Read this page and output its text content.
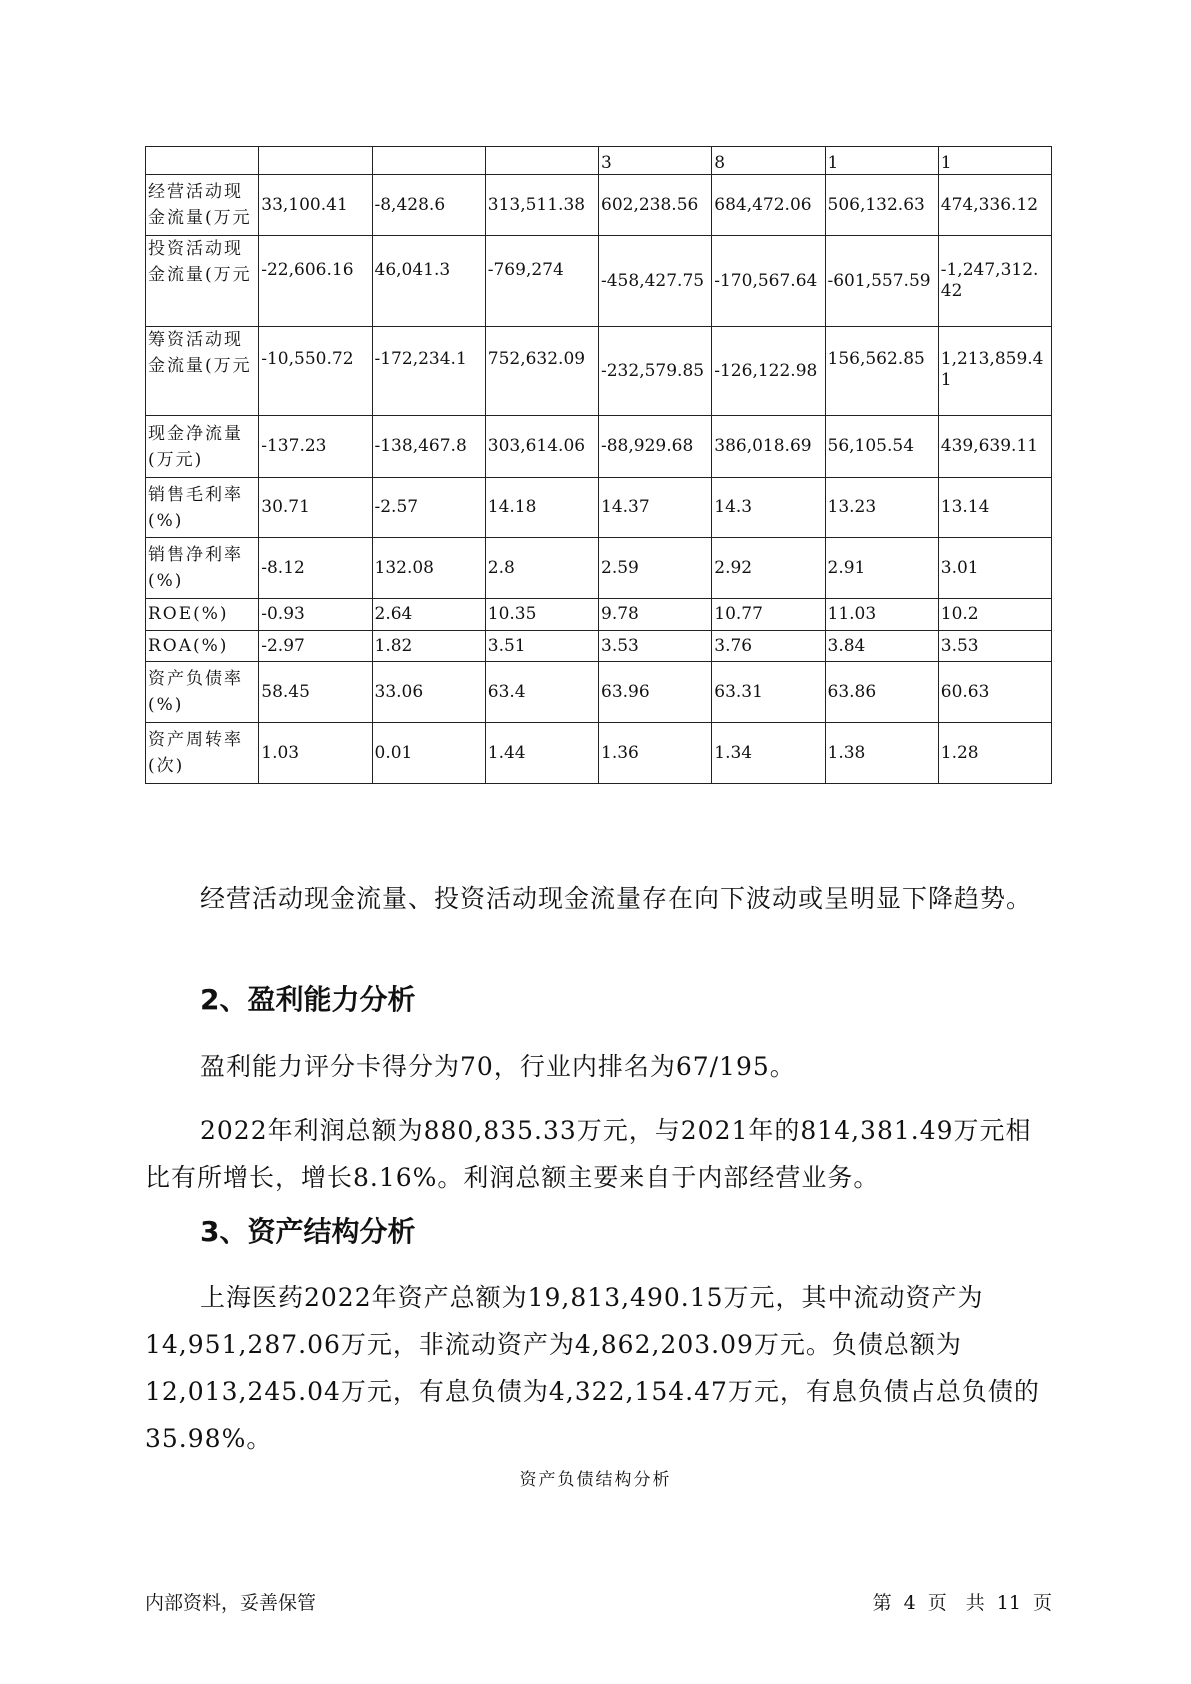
				3	8	1	1
经营活动现金流量(万元	33,100.41	-8,428.6	313,511.38	602,238.56	684,472.06	506,132.63	474,336.12
投资活动现金流量(万元	-22,606.16	46,041.3	-769,274	-458,427.75	-170,567.64	-601,557.59	-1,247,312.42
筹资活动现金流量(万元	-10,550.72	-172,234.1	752,632.09	-232,579.85	-126,122.98	156,562.85	1,213,859.41
现金净流量(万元)	-137.23	-138,467.8	303,614.06	-88,929.68	386,018.69	56,105.54	439,639.11
销售毛利率(%)	30.71	-2.57	14.18	14.37	14.3	13.23	13.14
销售净利率(%)	-8.12	132.08	2.8	2.59	2.92	2.91	3.01
ROE(%)	-0.93	2.64	10.35	9.78	10.77	11.03	10.2
ROA(%)	-2.97	1.82	3.51	3.53	3.76	3.84	3.53
资产负债率(%)	58.45	33.06	63.4	63.96	63.31	63.86	60.63
资产周转率(次)	1.03	0.01	1.44	1.36	1.34	1.38	1.28

经营活动现金流量、投资活动现金流量存在向下波动或呈明显下降趋势。

2、盈利能力分析

盈利能力评分卡得分为70，行业内排名为67/195。

2022年利润总额为880,835.33万元，与2021年的814,381.49万元相比有所增长，增长8.16%。利润总额主要来自于内部经营业务。

3、资产结构分析

上海医药2022年资产总额为19,813,490.15万元，其中流动资产为14,951,287.06万元，非流动资产为4,862,203.09万元。负债总额为12,013,245.04万元，有息负债为4,322,154.47万元，有息负债占总负债的35.98%。

资产负债结构分析
内部资料，妥善保管	第 4 页　共 11 页
